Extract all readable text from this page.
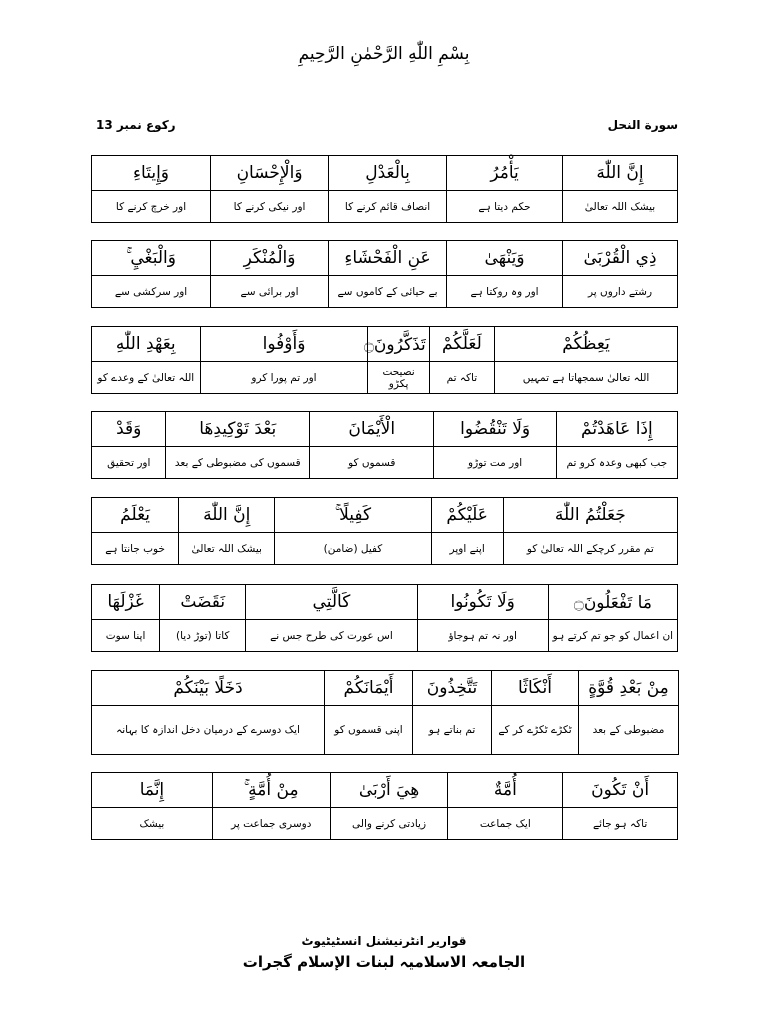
بِسْمِ اللّٰهِ الرَّحْمٰنِ الرَّحِيمِ
سورة النحل
رکوع نمبر 13
إِنَّ اللّٰهَ	يَأْمُرُ	بِالْعَدْلِ	وَالْإِحْسَانِ	وَإِيتَاءِ
بیشک اللہ تعالیٰ	حکم دیتا ہے	انصاف قائم کرنے کا	اور نیکی کرنے کا	اور خرچ کرنے کا
ذِي الْقُرْبَىٰ	وَيَنْهَىٰ	عَنِ الْفَحْشَاءِ	وَالْمُنْكَرِ	وَالْبَغْيِ ۚ
رشتے داروں پر	اور وہ روکتا ہے	بے حیائی کے کاموں سے	اور برائی سے	اور سرکشی سے
يَعِظُكُمْ	لَعَلَّكُمْ	تَذَكَّرُونَ۝	وَأَوْفُوا	بِعَهْدِ اللّٰهِ
اللہ تعالیٰ سمجھاتا ہے تمہیں	تاکہ تم	نصیحت پکڑو	اور تم پورا کرو	اللہ تعالیٰ کے وعدے کو
إِذَا عَاهَدْتُمْ	وَلَا تَنْقُضُوا	الْأَيْمَانَ	بَعْدَ تَوْكِيدِهَا	وَقَدْ
جب کبھی وعدہ کرو تم	اور مت توڑو	قسموں کو	قسموں کی مضبوطی کے بعد	اور تحقیق
جَعَلْتُمُ اللّٰهَ	عَلَيْكُمْ	كَفِيلًا ۚ	إِنَّ اللّٰهَ	يَعْلَمُ
تم مقرر کرچکے اللہ تعالیٰ کو	اپنے اوپر	کفیل (ضامن)	بیشک اللہ تعالیٰ	خوب جانتا ہے
مَا تَفْعَلُونَ۝	وَلَا تَكُونُوا	كَالَّتِي	نَقَضَتْ	غَزْلَهَا
ان اعمال کو جو تم کرتے ہو	اور نہ تم ہوجاؤ	اس عورت کی طرح جس نے	کاتا (توڑ دیا)	اپنا سوت
مِنْ بَعْدِ قُوَّةٍ	أَنْكَاثًا	تَتَّخِذُونَ	أَيْمَانَكُمْ	دَخَلًا بَيْنَكُمْ
مضبوطی کے بعد	ٹکڑے ٹکڑے کر کے	تم بناتے ہو	اپنی قسموں کو	ایک دوسرے کے درمیان دخل اندازہ کا بہانہ
أَنْ تَكُونَ	أُمَّةٌ	هِيَ أَرْبَىٰ	مِنْ أُمَّةٍ ۚ	إِنَّمَا
تاکہ ہو جائے	ایک جماعت	زیادتی کرنے والی	دوسری جماعت پر	بیشک
قواریر انٹرنیشنل انسٹیٹیوٹ
الجامعہ الاسلامیہ لبنات الإسلام گجرات
